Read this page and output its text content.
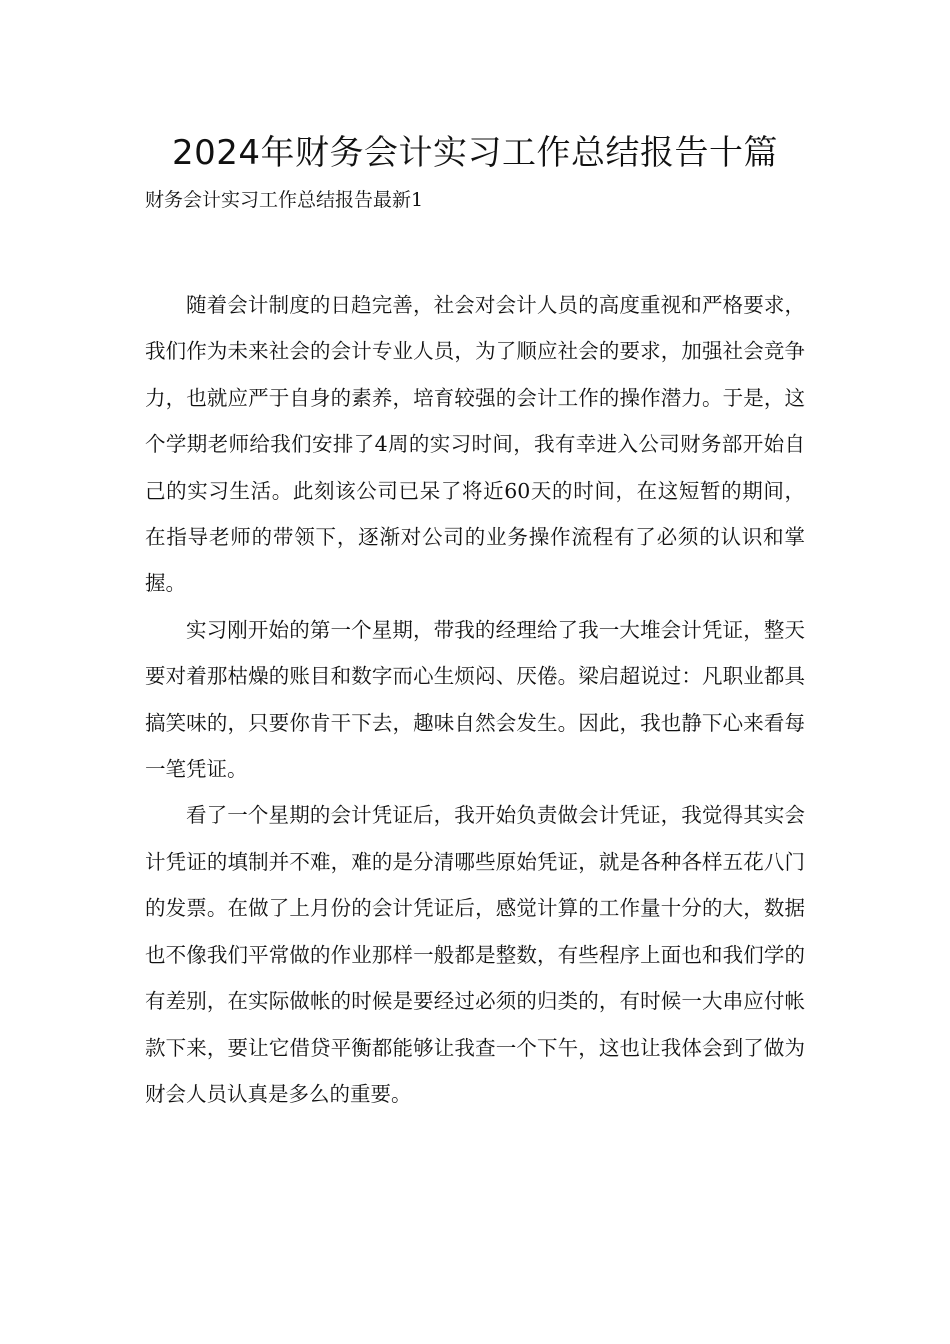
2024年财务会计实习工作总结报告十篇

财务会计实习工作总结报告最新1

随着会计制度的日趋完善，社会对会计人员的高度重视和严格要求，我们作为未来社会的会计专业人员，为了顺应社会的要求，加强社会竞争力，也就应严于自身的素养，培育较强的会计工作的操作潜力。于是，这个学期老师给我们安排了4周的实习时间，我有幸进入公司财务部开始自己的实习生活。此刻该公司已呆了将近60天的时间，在这短暂的期间，在指导老师的带领下，逐渐对公司的业务操作流程有了必须的认识和掌握。

实习刚开始的第一个星期，带我的经理给了我一大堆会计凭证，整天要对着那枯燥的账目和数字而心生烦闷、厌倦。梁启超说过：凡职业都具搞笑味的，只要你肯干下去，趣味自然会发生。因此，我也静下心来看每一笔凭证。

看了一个星期的会计凭证后，我开始负责做会计凭证，我觉得其实会计凭证的填制并不难，难的是分清哪些原始凭证，就是各种各样五花八门的发票。在做了上月份的会计凭证后，感觉计算的工作量十分的大，数据也不像我们平常做的作业那样一般都是整数，有些程序上面也和我们学的有差别，在实际做帐的时候是要经过必须的归类的，有时候一大串应付帐款下来，要让它借贷平衡都能够让我查一个下午，这也让我体会到了做为财会人员认真是多么的重要。
